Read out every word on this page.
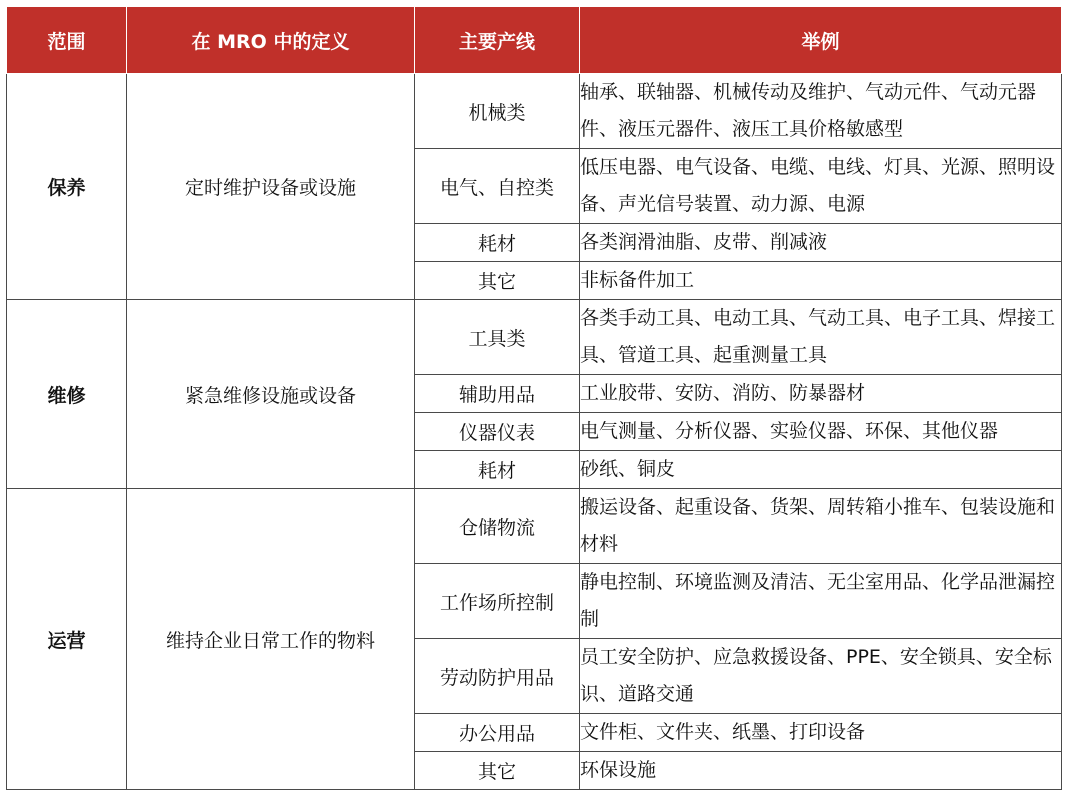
范围	在 MRO 中的定义	主要产线	举例
保养	定时维护设备或设施	机械类	轴承、联轴器、机械传动及维护、气动元件、气动元器件、液压元器件、液压工具价格敏感型
		电气、自控类	低压电器、电气设备、电缆、电线、灯具、光源、照明设备、声光信号装置、动力源、电源
		耗材	各类润滑油脂、皮带、削减液
		其它	非标备件加工
维修	紧急维修设施或设备	工具类	各类手动工具、电动工具、气动工具、电子工具、焊接工具、管道工具、起重测量工具
		辅助用品	工业胶带、安防、消防、防暴器材
		仪器仪表	电气测量、分析仪器、实验仪器、环保、其他仪器
		耗材	砂纸、铜皮
运营	维持企业日常工作的物料	仓储物流	搬运设备、起重设备、货架、周转箱小推车、包装设施和材料
		工作场所控制	静电控制、环境监测及清洁、无尘室用品、化学品泄漏控制
		劳动防护用品	员工安全防护、应急救援设备、PPE、安全锁具、安全标识、道路交通
		办公用品	文件柜、文件夹、纸墨、打印设备
		其它	环保设施
